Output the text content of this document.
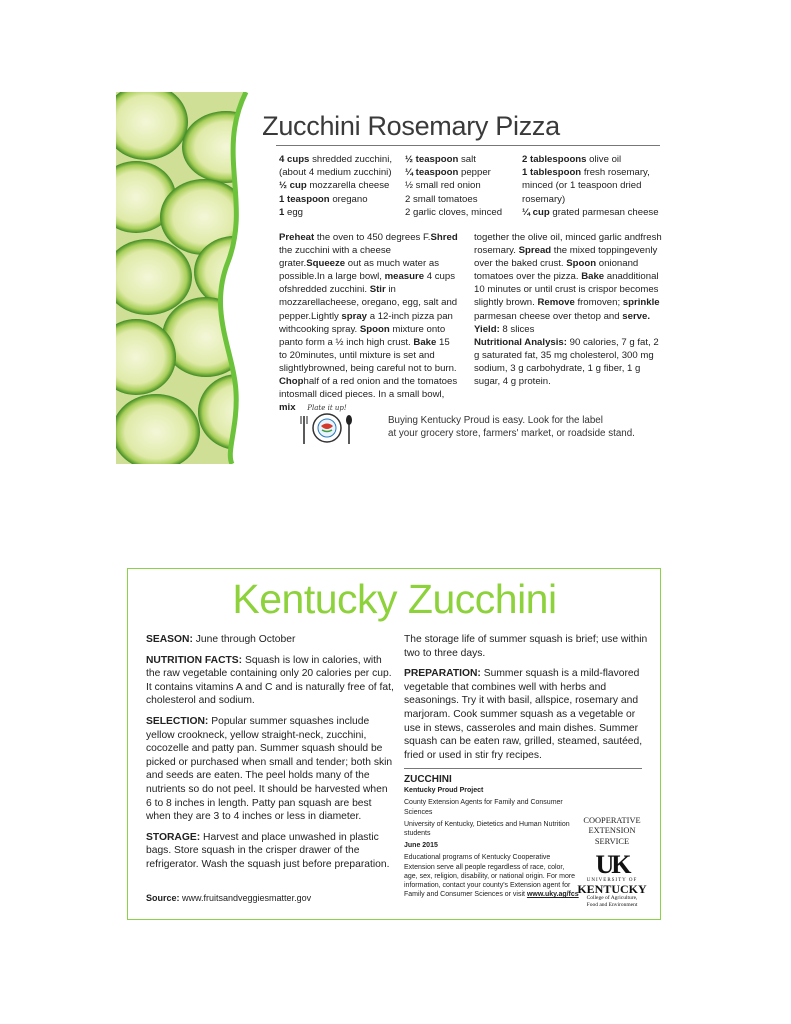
Zucchini Rosemary Pizza
4 cups shredded zucchini,
(about 4 medium zucchini)
½ cup mozzarella cheese
1 teaspoon oregano
1 egg
½ teaspoon salt
¼ teaspoon pepper
½ small red onion
2 small tomatoes
2 garlic cloves, minced
2 tablespoons olive oil
1 tablespoon fresh rosemary,
minced (or 1 teaspoon dried
rosemary)
¼ cup grated parmesan cheese

Preheat the oven to 450 degrees F.Shred the zucchini with a cheese grater.Squeeze out as much water as possible.In a large bowl, measure 4 cups ofshredded zucchini. Stir in mozzarellacheese, oregano, egg, salt and pepper.Lightly spray a 12-inch pizza pan withcooking spray. Spoon mixture onto panto form a ½ inch high crust. Bake 15 to 20minutes, until mixture is set and slightlybrowned, being careful not to burn. Chophalf of a red onion and the tomatoes intosmall diced pieces. In a small bowl, mix

together the olive oil, minced garlic andfresh rosemary. Spread the mixed toppingevenly over the baked crust. Spoon onionand tomatoes over the pizza. Bake anadditional 10 minutes or until crust is crispor becomes slightly brown. Remove fromoven; sprinkle parmesan cheese over thetop and serve.

Yield: 8 slices

Nutritional Analysis: 90 calories, 7 g fat, 2 g saturated fat, 35 mg cholesterol, 300 mg sodium, 3 g carbohydrate, 1 g fiber, 1 g sugar, 4 g protein.

Plate it up!
Buying Kentucky Proud is easy. Look for the label
at your grocery store, farmers' market, or roadside stand.
Kentucky Zucchini

SEASON: June through October

NUTRITION FACTS: Squash is low in calories, with the raw vegetable containing only 20 calories per cup. It contains vitamins A and C and is naturally free of fat, cholesterol and sodium.

SELECTION: Popular summer squashes include yellow crookneck, yellow straight-neck, zucchini, cocozelle and patty pan. Summer squash should be picked or purchased when small and tender; both skin and seeds are eaten. The peel holds many of the nutrients so do not peel. It should be harvested when 6 to 8 inches in length. Patty pan squash are best when they are 3 to 4 inches or less in diameter.

STORAGE: Harvest and place unwashed in plastic bags. Store squash in the crisper drawer of the refrigerator. Wash the squash just before preparation.

Source: www.fruitsandveggiesmatter.gov

The storage life of summer squash is brief; use within two to three days.

PREPARATION: Summer squash is a mild-flavored vegetable that combines well with herbs and seasonings. Try it with basil, allspice, rosemary and marjoram. Cook summer squash as a vegetable or use in stews, casseroles and main dishes. Summer squash can be eaten raw, grilled, steamed, sautéed, fried or used in stir fry recipes.

ZUCCHINI

Kentucky Proud Project

County Extension Agents for Family and Consumer Sciences

University of Kentucky, Dietetics and Human Nutrition students

June 2015

Educational programs of Kentucky Cooperative Extension serve all people regardless of race, color, age, sex, religion, disability, or national origin. For more information, contact your county's Extension agent for Family and Consumer Sciences or visit www.uky.ag/fcs

COOPERATIVE
EXTENSION
SERVICE
UK
UNIVERSITY OF
KENTUCKY
College of Agriculture,
Food and Environment
